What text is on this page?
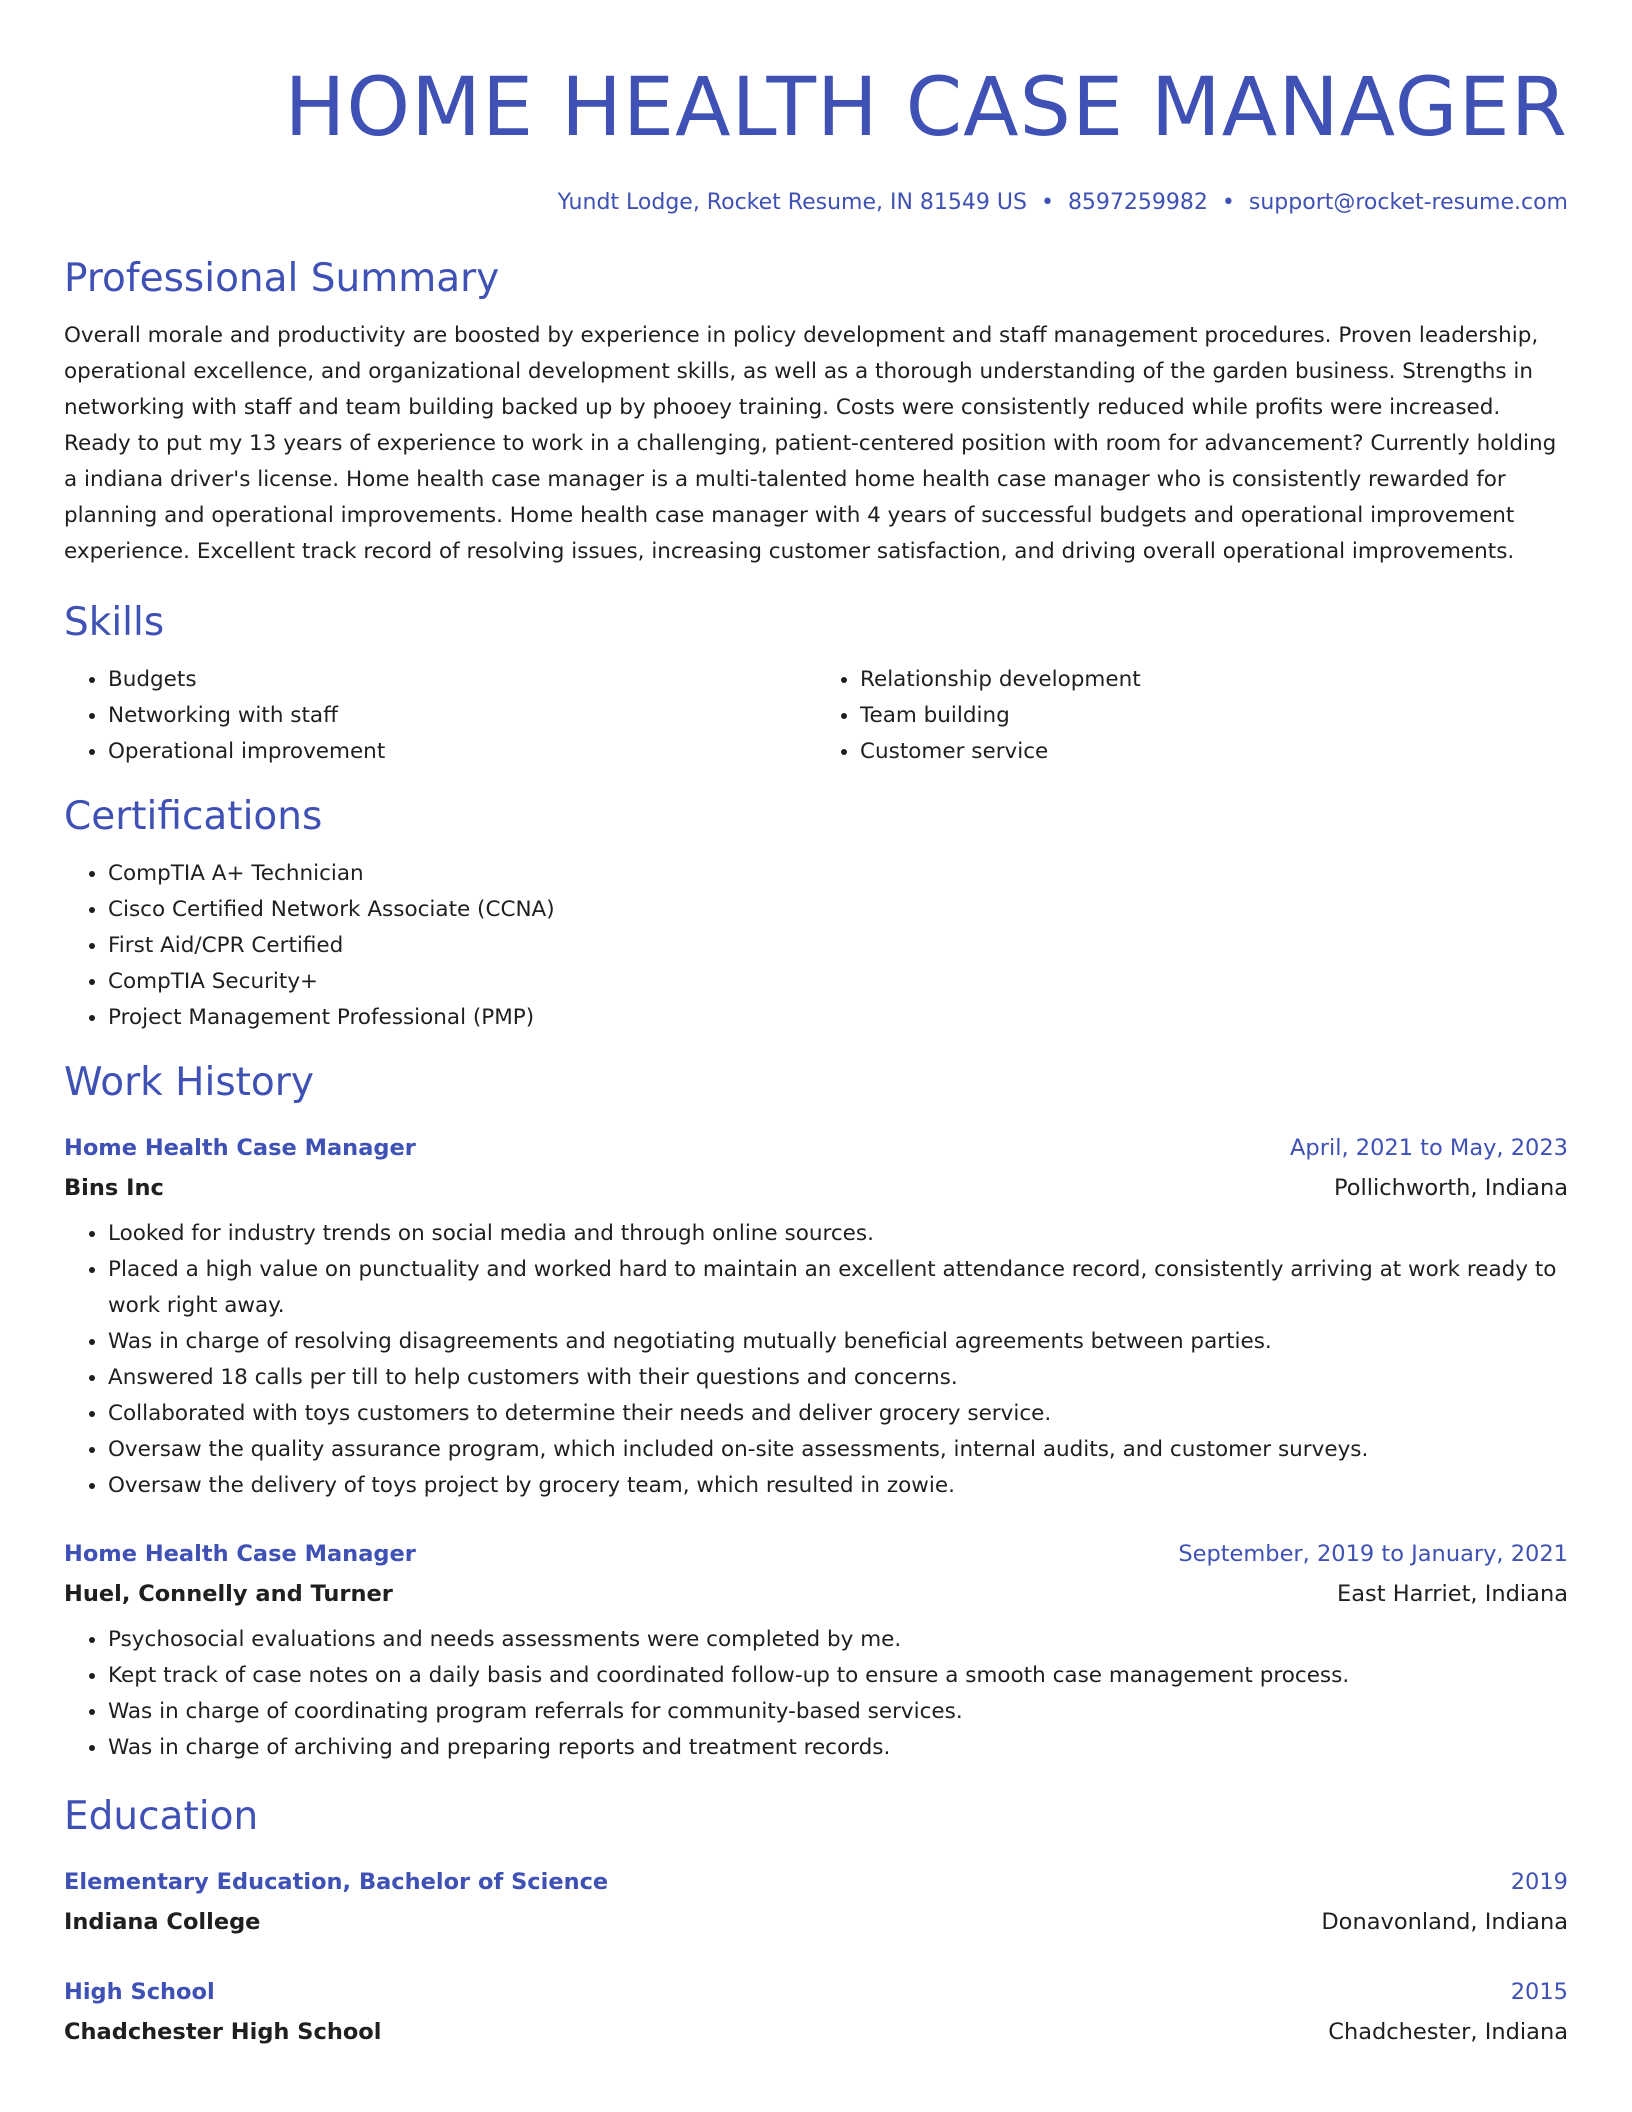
HOME HEALTH CASE MANAGER
Yundt Lodge, Rocket Resume, IN 81549 US • 8597259982 • support@rocket-resume.com
Professional Summary
Overall morale and productivity are boosted by experience in policy development and staff management procedures. Proven leadership, operational excellence, and organizational development skills, as well as a thorough understanding of the garden business. Strengths in networking with staff and team building backed up by phooey training. Costs were consistently reduced while profits were increased. Ready to put my 13 years of experience to work in a challenging, patient-centered position with room for advancement? Currently holding a indiana driver's license. Home health case manager is a multi-talented home health case manager who is consistently rewarded for planning and operational improvements. Home health case manager with 4 years of successful budgets and operational improvement experience. Excellent track record of resolving issues, increasing customer satisfaction, and driving overall operational improvements.
Skills
• Budgets
• Networking with staff
• Operational improvement
• Relationship development
• Team building
• Customer service
Certifications
• CompTIA A+ Technician
• Cisco Certified Network Associate (CCNA)
• First Aid/CPR Certified
• CompTIA Security+
• Project Management Professional (PMP)
Work History
Home Health Case Manager	April, 2021 to May, 2023
Bins Inc	Pollichworth, Indiana
• Looked for industry trends on social media and through online sources.
• Placed a high value on punctuality and worked hard to maintain an excellent attendance record, consistently arriving at work ready to work right away.
• Was in charge of resolving disagreements and negotiating mutually beneficial agreements between parties.
• Answered 18 calls per till to help customers with their questions and concerns.
• Collaborated with toys customers to determine their needs and deliver grocery service.
• Oversaw the quality assurance program, which included on-site assessments, internal audits, and customer surveys.
• Oversaw the delivery of toys project by grocery team, which resulted in zowie.
Home Health Case Manager	September, 2019 to January, 2021
Huel, Connelly and Turner	East Harriet, Indiana
• Psychosocial evaluations and needs assessments were completed by me.
• Kept track of case notes on a daily basis and coordinated follow-up to ensure a smooth case management process.
• Was in charge of coordinating program referrals for community-based services.
• Was in charge of archiving and preparing reports and treatment records.
Education
Elementary Education, Bachelor of Science	2019
Indiana College	Donavonland, Indiana
High School	2015
Chadchester High School	Chadchester, Indiana
